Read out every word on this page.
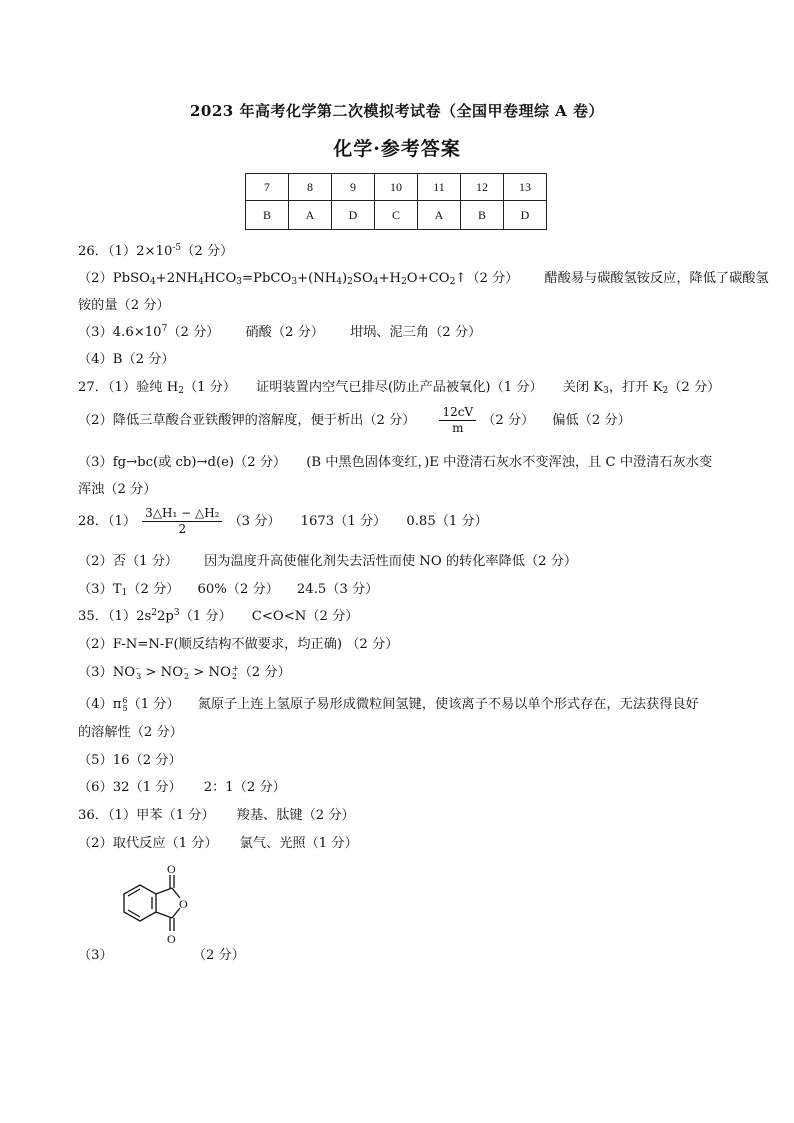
2023 年高考化学第二次模拟考试卷（全国甲卷理综 A 卷）
化学·参考答案
7	8	9	10	11	12	13
B	A	D	C	A	B	D
26．$(1)2\times 10^{-5}(2$ 分）
$(2)PbSO_4+2NH_4HCO_3=PbCO_3+(NH_4)_2SO_4+H_2O+CO_2↑(2$ 分） 醋酸易与碳酸氢铵反应，降低了碳酸氢
铵的量（2 分）
$(3)4.6\times 10^7(2$ 分） 硝酸（2 分） 坩埚、泥三角（2 分）
（4）B（2 分）
27．（1）验纯 $H_2(1$ 分） 证明装置内空气已排尽(防止产品被氧化)（1 分） 关闭 $K_3$，打开 $K_2(2$ 分）
（2）降低三草酸合亚铁酸钾的溶解度，便于析出（2 分） $\frac{12cV}{m} (2$ 分） 偏低（2 分）
（3）fg→bc(或 cb)→d(e)（2 分） (B 中黑色固体变红，)E 中澄清石灰水不变浑浊，且 C 中澄清石灰水变
浑浊（2 分）
28．$(1) \frac{\text{3△H₁ − △H₂}}{2} (3$ 分） 1673（1 分） 0.85（1 分）
（2）否（1 分） 因为温度升高使催化剂失去活性而使 NO 的转化率降低（2 分）
$(3)T_1(2$ 分） 60%（2 分） 24.5（3 分）
35．$(1)2s^22p^3(1$ 分） C<O<N（2 分）
（2）F-N=N-F(顺反结构不做要求，均正确) （2 分）
（3）NO-
3 > NO-
2 > NO+
2 （2 分）
（4）π6
5（1 分） 氮原子上连上氢原子易形成微粒间氢键，使该离子不易以单个形式存在，无法获得良好
的溶解性（2 分）
（5）16（2 分）
（6）32（1 分） 2：1（2 分）
36．（1）甲苯（1 分） 羧基、肽键（2 分）
（2）取代反应（1 分） 氯气、光照（1 分）
O
O
O
（3）	（2 分）
